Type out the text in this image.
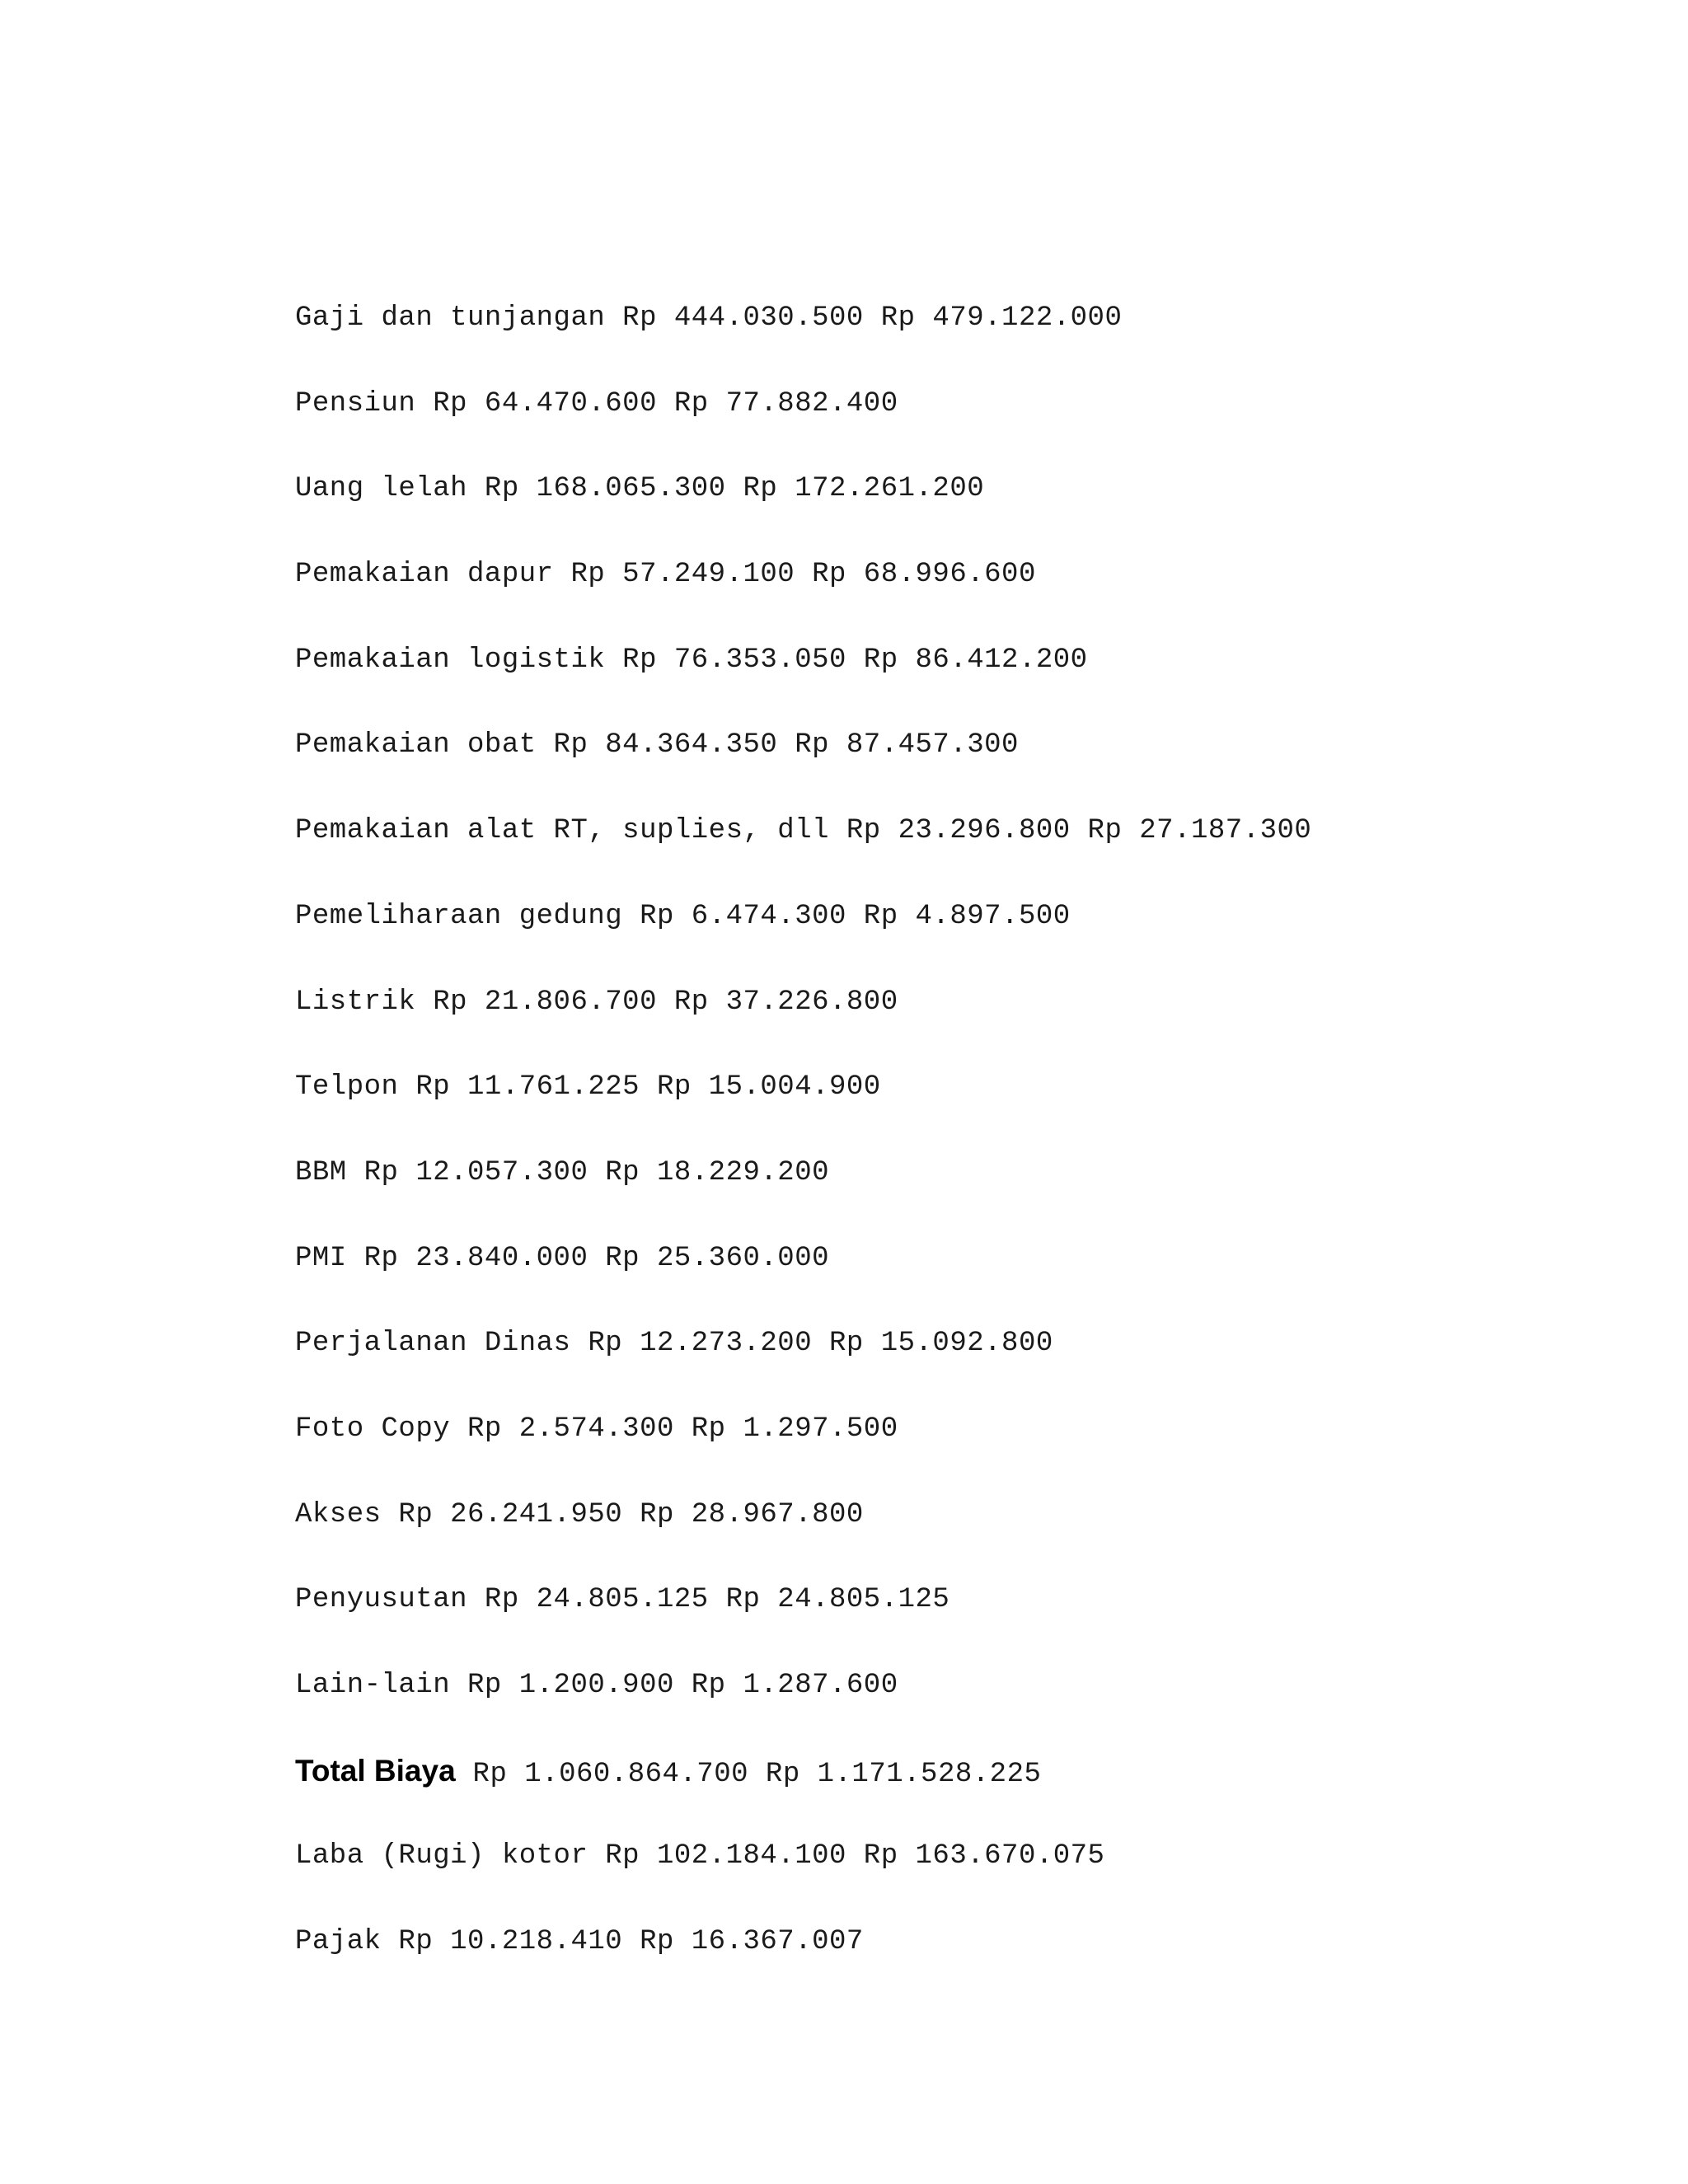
Gaji dan tunjangan Rp 444.030.500 Rp 479.122.000
Pensiun Rp 64.470.600 Rp 77.882.400
Uang lelah Rp 168.065.300 Rp 172.261.200
Pemakaian dapur Rp 57.249.100 Rp 68.996.600
Pemakaian logistik Rp 76.353.050 Rp 86.412.200
Pemakaian obat Rp 84.364.350 Rp 87.457.300
Pemakaian alat RT, suplies, dll Rp 23.296.800 Rp 27.187.300
Pemeliharaan gedung Rp 6.474.300 Rp 4.897.500
Listrik Rp 21.806.700 Rp 37.226.800
Telpon Rp 11.761.225 Rp 15.004.900
BBM Rp 12.057.300 Rp 18.229.200
PMI Rp 23.840.000 Rp 25.360.000
Perjalanan Dinas Rp 12.273.200 Rp 15.092.800
Foto Copy Rp 2.574.300 Rp 1.297.500
Akses Rp 26.241.950 Rp 28.967.800
Penyusutan Rp 24.805.125 Rp 24.805.125
Lain-lain Rp 1.200.900 Rp 1.287.600
Total Biaya Rp 1.060.864.700 Rp 1.171.528.225
Laba (Rugi) kotor Rp 102.184.100 Rp 163.670.075
Pajak Rp 10.218.410 Rp 16.367.007
